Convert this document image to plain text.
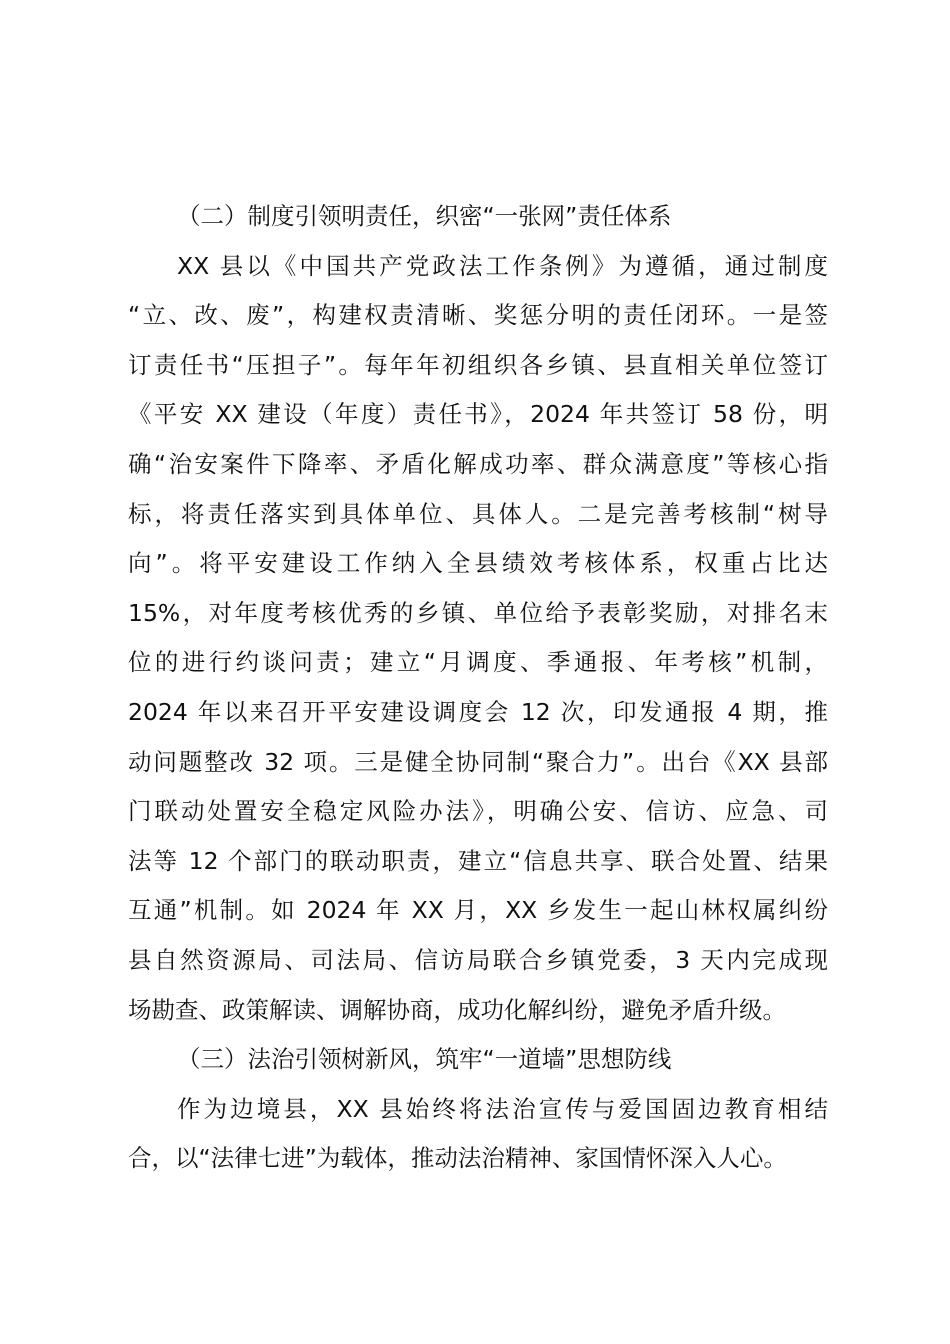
（二）制度引领明责任，织密“一张网”责任体系
XX 县以《中国共产党政法工作条例》为遵循，通过制度
“立、改、废”，构建权责清晰、奖惩分明的责任闭环。一是签
订责任书“压担子”。每年年初组织各乡镇、县直相关单位签订
《平安 XX 建设（年度）责任书》，2024 年共签订 58 份，明
确“治安案件下降率、矛盾化解成功率、群众满意度”等核心指
标，将责任落实到具体单位、具体人。二是完善考核制“树导
向”。将平安建设工作纳入全县绩效考核体系，权重占比达
15%，对年度考核优秀的乡镇、单位给予表彰奖励，对排名末
位的进行约谈问责；建立“月调度、季通报、年考核”机制，
2024 年以来召开平安建设调度会 12 次，印发通报 4 期，推
动问题整改 32 项。三是健全协同制“聚合力”。出台《XX 县部
门联动处置安全稳定风险办法》，明确公安、信访、应急、司
法等 12 个部门的联动职责，建立“信息共享、联合处置、结果
互通”机制。如 2024 年 XX 月，XX 乡发生一起山林权属纠纷
县自然资源局、司法局、信访局联合乡镇党委，3 天内完成现
场勘查、政策解读、调解协商，成功化解纠纷，避免矛盾升级。
（三）法治引领树新风，筑牢“一道墙”思想防线
作为边境县，XX 县始终将法治宣传与爱国固边教育相结
合，以“法律七进”为载体，推动法治精神、家国情怀深入人心。
